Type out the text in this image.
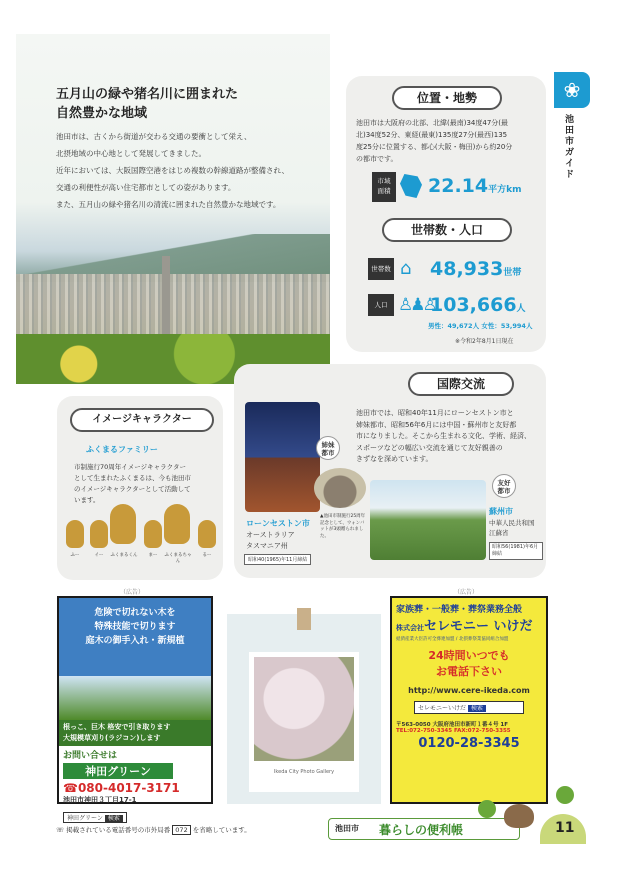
五月山の緑や猪名川に囲まれた
自然豊かな地域
池田市は、古くから街道が交わる交通の要衝として栄え、
北摂地域の中心地として発展してきました。
近年においては、大阪国際空港をはじめ複数の幹線道路が整備され、
交通の利便性が高い住宅都市としての姿があります。
また、五月山の緑や猪名川の清流に囲まれた自然豊かな地域です。
❀
池田市ガイド
位置・地勢
池田市は大阪府の北部、北緯(最南)34度47分(最
北)34度52分、東経(最東)135度27分(最西)135
度25分に位置する、都心(大阪・梅田)から約20分
の都市です。
市域
面積 22.14平方km
世帯数・人口
世帯数 ⌂ 48,933世帯
人口 ♙♟♙
103,666人
男性：49,672人 女性：53,994人
※令和2年8月1日現在
国際交流
池田市では、昭和40年11月にローンセストン市と
姉妹都市、昭和56年6月には中国・蘇州市と友好都
市になりました。そこから生まれる文化、学術、経済、
スポーツなどの幅広い交流を通じて友好親善の
きずなを深めています。
姉妹
都市
ローンセストン市
オーストラリア
タスマニア州
昭和40(1965)年11月締結
▲池田市制施行25周年記念として、ウォンバットが3頭贈られました。
友好
都市
蘇州市
中華人民共和国
江蘇省
昭和56(1981)年6月締結
イメージキャラクター
ふくまるファミリー
市制施行70周年イメージキャラクター
として生まれたふくまるは、今も池田市
のイメージキャラクターとして活動して
います。
ふー	イー	ふくまるくん	まー	ふくまるちゃん
るー
（広告）	（広告）
危険で切れない木を
特殊技能で切ります
庭木の御手入れ・新規植
根っこ、巨木 格安で引き取ります
大規模草刈り(ラジコン)します
お問い合せは
神田グリーン
☎080-4017-3171
池田市神田３丁目17-1
神田グリーン 検索
Ikeda City Photo Gallery
家族葬・一般葬・葬祭業務全般
株式会社セレモニー いけだ
経済産業大臣許可全葬連加盟 / 北摂葬祭業協同組合加盟
24時間いつでも
お電話下さい
http://www.cere-ikeda.com
セレモニーいけだ 検索
〒563-0050 大阪府池田市新町１番４号 1F
TEL:072-750-3345 FAX:072-750-3355
0120-28-3345
☏ 掲載されている電話番号の市外局番 072 を省略しています。	池田市 暮らしの便利帳	11
